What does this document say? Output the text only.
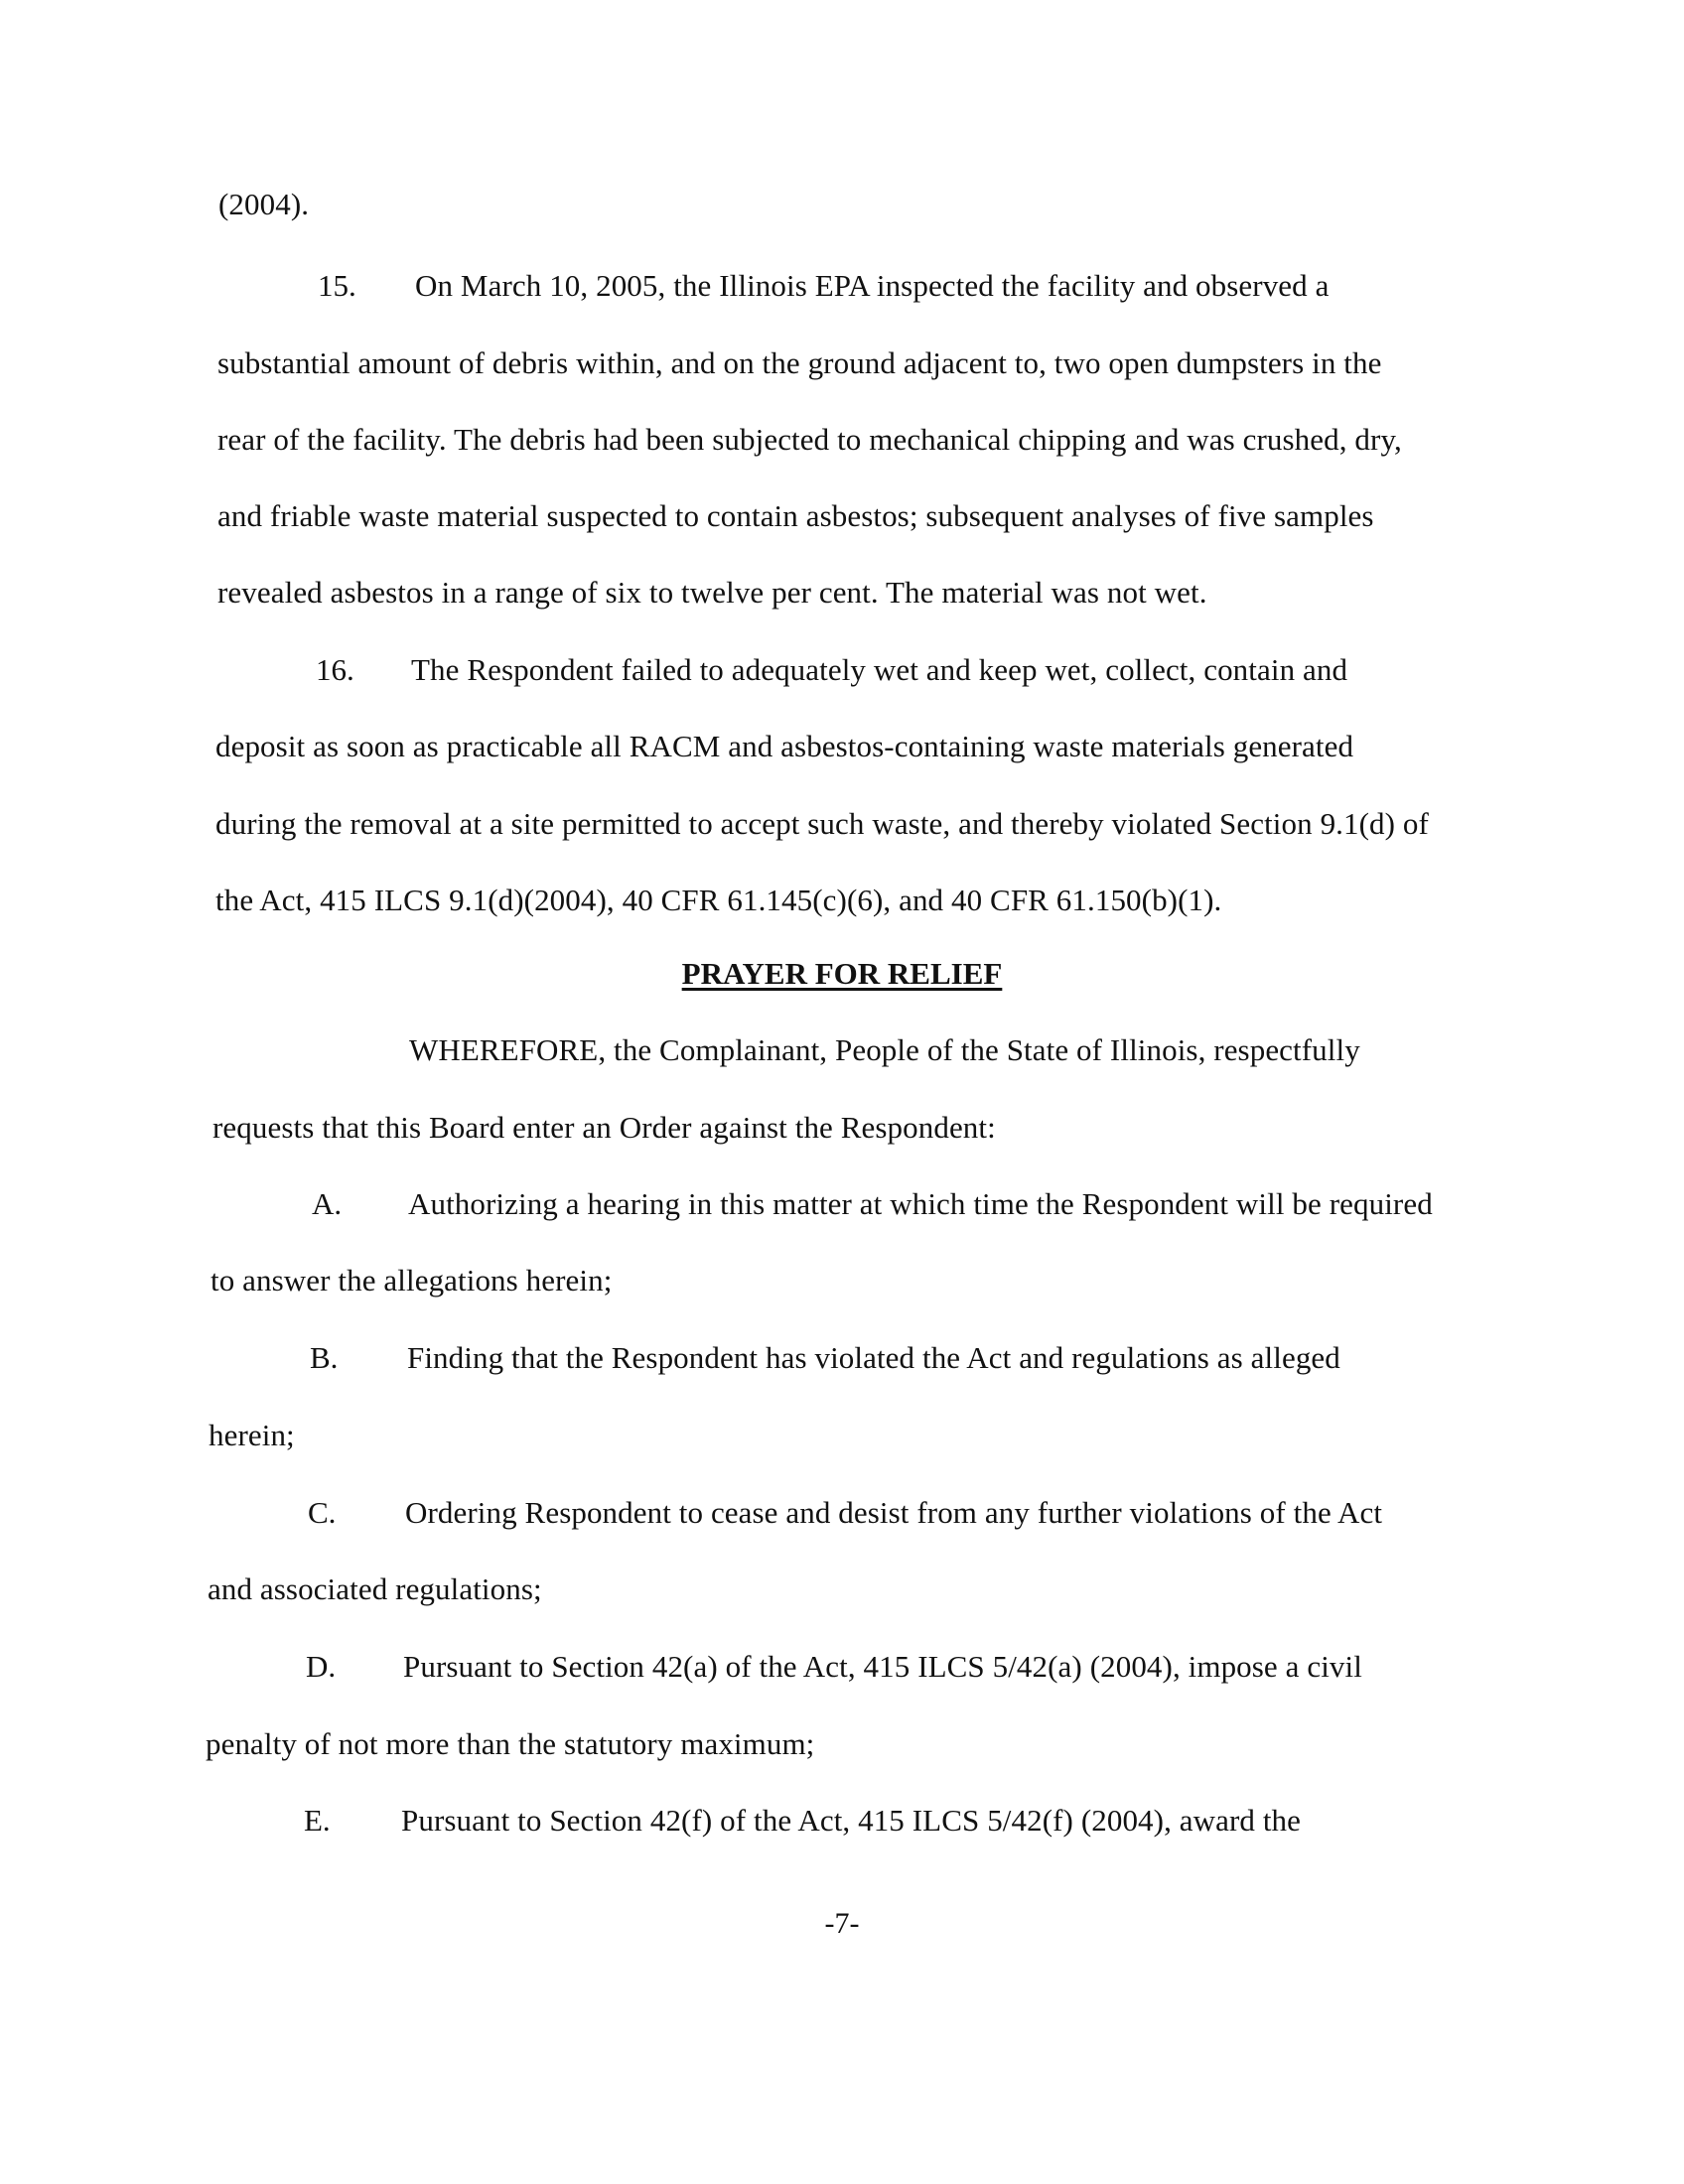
(2004).
15. On March 10, 2005, the Illinois EPA inspected the facility and observed a
substantial amount of debris within, and on the ground adjacent to, two open dumpsters in the
rear of the facility. The debris had been subjected to mechanical chipping and was crushed, dry,
and friable waste material suspected to contain asbestos; subsequent analyses of five samples
revealed asbestos in a range of six to twelve per cent. The material was not wet.
16. The Respondent failed to adequately wet and keep wet, collect, contain and
deposit as soon as practicable all RACM and asbestos-containing waste materials generated
during the removal at a site permitted to accept such waste, and thereby violated Section 9.1(d) of
the Act, 415 ILCS 9.1(d)(2004), 40 CFR 61.145(c)(6), and 40 CFR 61.150(b)(1).
PRAYER FOR RELIEF
WHEREFORE, the Complainant, People of the State of Illinois, respectfully
requests that this Board enter an Order against the Respondent:
A. Authorizing a hearing in this matter at which time the Respondent will be required
to answer the allegations herein;
B. Finding that the Respondent has violated the Act and regulations as alleged
herein;
C. Ordering Respondent to cease and desist from any further violations of the Act
and associated regulations;
D. Pursuant to Section 42(a) of the Act, 415 ILCS 5/42(a) (2004), impose a civil
penalty of not more than the statutory maximum;
E. Pursuant to Section 42(f) of the Act, 415 ILCS 5/42(f) (2004), award the
-7-
